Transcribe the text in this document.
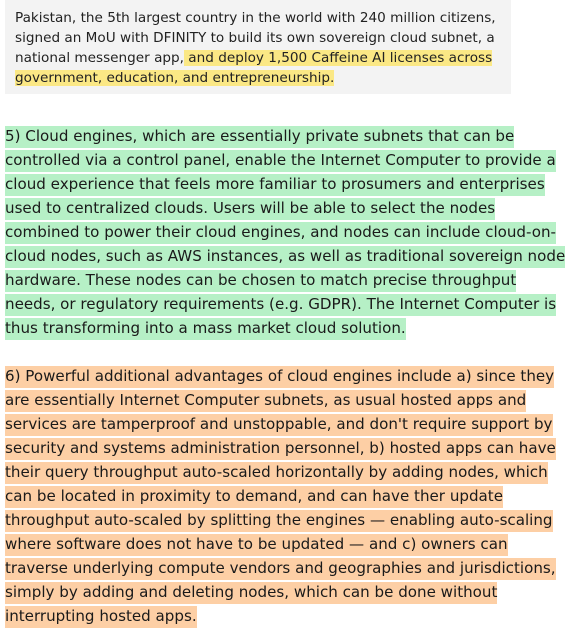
Pakistan, the 5th largest country in the world with 240 million citizens, signed an MoU with DFINITY to build its own sovereign cloud subnet, a national messenger app, and deploy 1,500 Caffeine AI licenses across government, education, and entrepreneurship.
5) Cloud engines, which are essentially private subnets that can be controlled via a control panel, enable the Internet Computer to provide a cloud experience that feels more familiar to prosumers and enterprises used to centralized clouds. Users will be able to select the nodes combined to power their cloud engines, and nodes can include cloud-on-cloud nodes, such as AWS instances, as well as traditional sovereign node hardware. These nodes can be chosen to match precise throughput needs, or regulatory requirements (e.g. GDPR). The Internet Computer is thus transforming into a mass market cloud solution.
6) Powerful additional advantages of cloud engines include a) since they are essentially Internet Computer subnets, as usual hosted apps and services are tamperproof and unstoppable, and don't require support by security and systems administration personnel, b) hosted apps can have their query throughput auto-scaled horizontally by adding nodes, which can be located in proximity to demand, and can have ther update throughput auto-scaled by splitting the engines — enabling auto-scaling where software does not have to be updated — and c) owners can traverse underlying compute vendors and geographies and jurisdictions, simply by adding and deleting nodes, which can be done without interrupting hosted apps.
